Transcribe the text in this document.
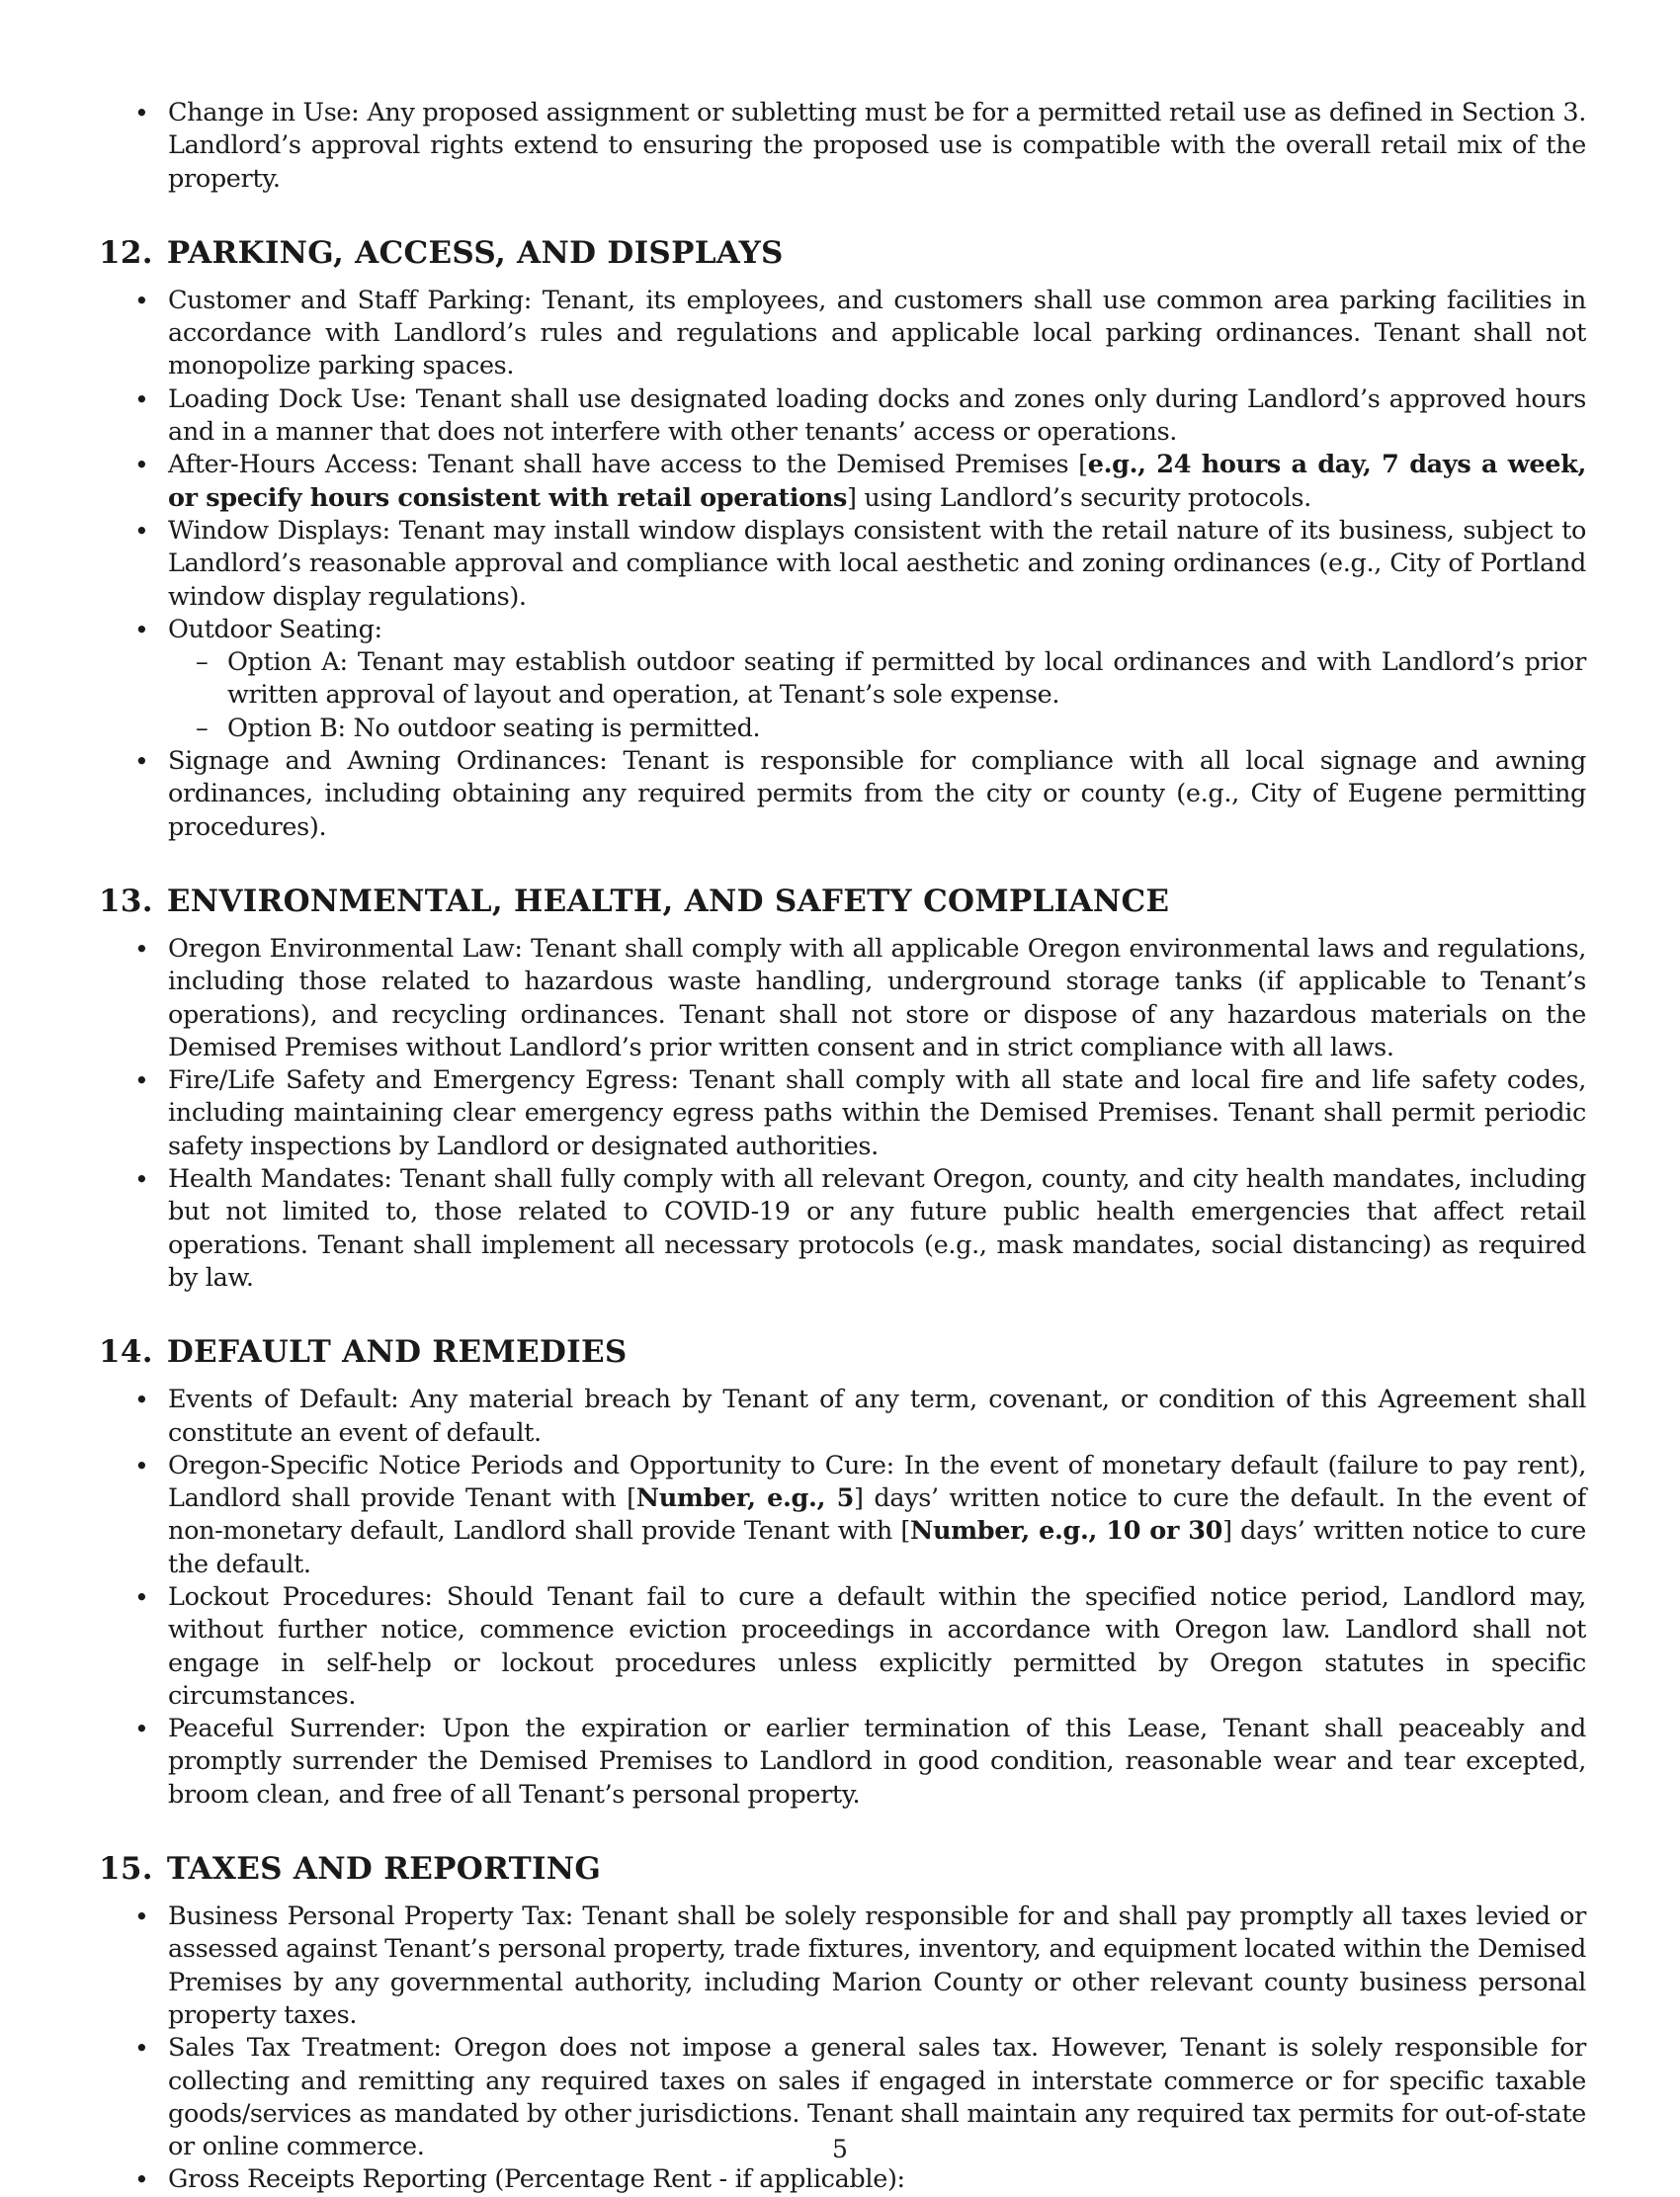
• Change in Use: Any proposed assignment or subletting must be for a permitted retail use as defined in Section 3. Landlord’s approval rights extend to ensuring the proposed use is compatible with the overall retail mix of the property.
12. PARKING, ACCESS, AND DISPLAYS
• Customer and Staff Parking: Tenant, its employees, and customers shall use common area parking facilities in accordance with Landlord’s rules and regulations and applicable local parking ordinances. Tenant shall not monopolize parking spaces.
• Loading Dock Use: Tenant shall use designated loading docks and zones only during Landlord’s approved hours and in a manner that does not interfere with other tenants’ access or operations.
• After-Hours Access: Tenant shall have access to the Demised Premises [e.g., 24 hours a day, 7 days a week, or specify hours consistent with retail operations] using Landlord’s security protocols.
• Window Displays: Tenant may install window displays consistent with the retail nature of its business, subject to Landlord’s reasonable approval and compliance with local aesthetic and zoning ordinances (e.g., City of Portland window display regulations).
• Outdoor Seating:
– Option A: Tenant may establish outdoor seating if permitted by local ordinances and with Landlord’s prior written approval of layout and operation, at Tenant’s sole expense.
– Option B: No outdoor seating is permitted.
• Signage and Awning Ordinances: Tenant is responsible for compliance with all local signage and awning ordinances, including obtaining any required permits from the city or county (e.g., City of Eugene permitting procedures).
13. ENVIRONMENTAL, HEALTH, AND SAFETY COMPLIANCE
• Oregon Environmental Law: Tenant shall comply with all applicable Oregon environmental laws and regulations, including those related to hazardous waste handling, underground storage tanks (if applicable to Tenant’s operations), and recycling ordinances. Tenant shall not store or dispose of any hazardous materials on the Demised Premises without Landlord’s prior written consent and in strict compliance with all laws.
• Fire/Life Safety and Emergency Egress: Tenant shall comply with all state and local fire and life safety codes, including maintaining clear emergency egress paths within the Demised Premises. Tenant shall permit periodic safety inspections by Landlord or designated authorities.
• Health Mandates: Tenant shall fully comply with all relevant Oregon, county, and city health mandates, including but not limited to, those related to COVID-19 or any future public health emergencies that affect retail operations. Tenant shall implement all necessary protocols (e.g., mask mandates, social distancing) as required by law.
14. DEFAULT AND REMEDIES
• Events of Default: Any material breach by Tenant of any term, covenant, or condition of this Agreement shall constitute an event of default.
• Oregon-Specific Notice Periods and Opportunity to Cure: In the event of monetary default (failure to pay rent), Landlord shall provide Tenant with [Number, e.g., 5] days’ written notice to cure the default. In the event of non-monetary default, Landlord shall provide Tenant with [Number, e.g., 10 or 30] days’ written notice to cure the default.
• Lockout Procedures: Should Tenant fail to cure a default within the specified notice period, Landlord may, without further notice, commence eviction proceedings in accordance with Oregon law. Landlord shall not engage in self-help or lockout procedures unless explicitly permitted by Oregon statutes in specific circumstances.
• Peaceful Surrender: Upon the expiration or earlier termination of this Lease, Tenant shall peaceably and promptly surrender the Demised Premises to Landlord in good condition, reasonable wear and tear excepted, broom clean, and free of all Tenant’s personal property.
15. TAXES AND REPORTING
• Business Personal Property Tax: Tenant shall be solely responsible for and shall pay promptly all taxes levied or assessed against Tenant’s personal property, trade fixtures, inventory, and equipment located within the Demised Premises by any governmental authority, including Marion County or other relevant county business personal property taxes.
• Sales Tax Treatment: Oregon does not impose a general sales tax. However, Tenant is solely responsible for collecting and remitting any required taxes on sales if engaged in interstate commerce or for specific taxable goods/services as mandated by other jurisdictions. Tenant shall maintain any required tax permits for out-of-state or online commerce.
• Gross Receipts Reporting (Percentage Rent - if applicable):
5
